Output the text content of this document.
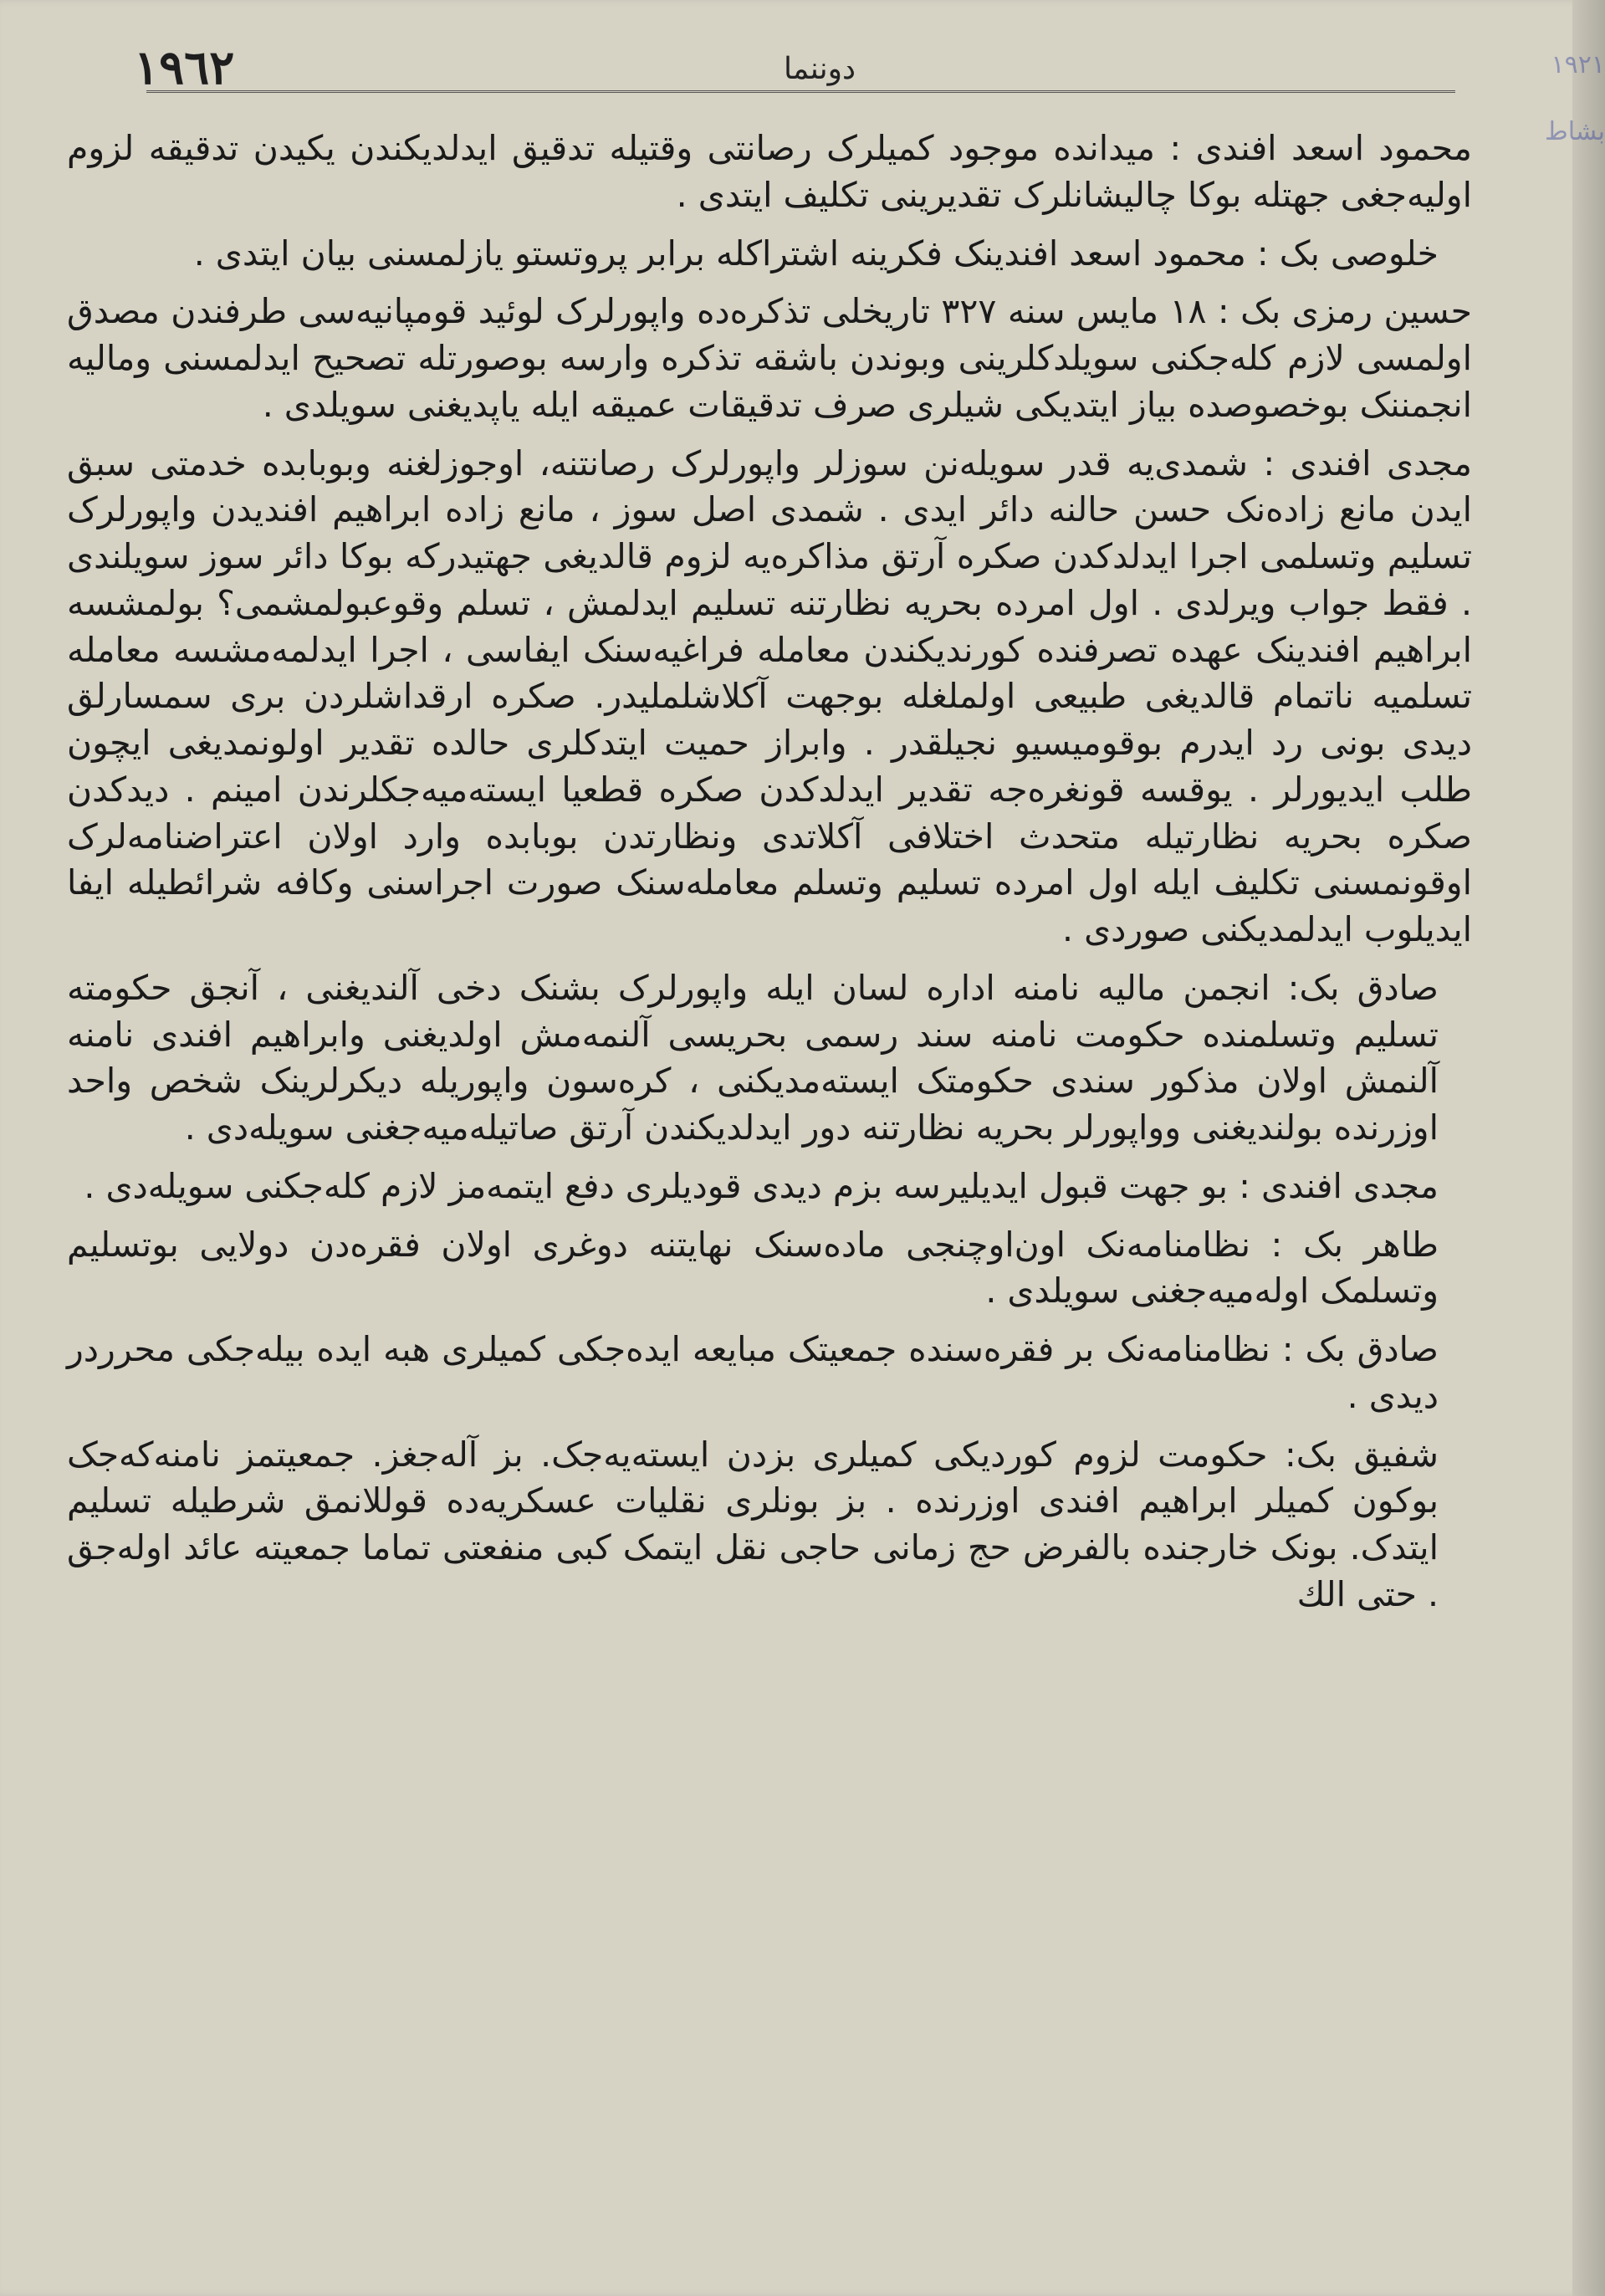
١٩٦٢	دوننما	۱۹۲۱
بشاط

محمود اسعد افندی : میدانده موجود کمیلرک رصانتی وقتیله تدقیق ایدلدیکندن یکیدن تدقیقه لزوم اولیه‌جغی جهتله بوکا چالیشانلرک تقدیرینی تکلیف ایتدی .

خلوصی بک : محمود اسعد افندینک فکرینه اشتراکله برابر پروتستو یازلمسنی بیان ایتدی .

حسین رمزی بک : ۱۸ مایس سنه ۳۲۷ تاریخلی تذکره‌ده واپورلرک لوئید قومپانیه‌سی طرفندن مصدق اولمسی لازم کله‌جکنی سویلدکلرینی وبوندن باشقه تذکره وارسه بوصورتله تصحیح ایدلمسنی ومالیه انجمننک بوخصوصده بیاز ایتدیکی شیلری صرف تدقیقات عمیقه ایله یاپدیغنی سویلدی .

مجدی افندی : شمدی‌یه قدر سویله‌نن سوزلر واپورلرک رصانتنه، اوجوزلغنه وبوبابده خدمتی سبق ایدن مانع زاده‌نک حسن حالنه دائر ایدی . شمدی اصل سوز ، مانع زاده ابراهیم افندیدن واپورلرک تسلیم وتسلمی اجرا ایدلدکدن صکره آرتق مذاکره‌یه لزوم قالدیغی جهتیدرکه بوکا دائر سوز سویلندی . فقط جواب ویرلدی . اول امرده بحریه نظارتنه تسلیم ایدلمش ، تسلم وقوعبولمشمی؟ بولمشسه ابراهیم افندینک عهده تصرفنده کورندیکندن معامله فراغیه‌سنک ایفاسی ، اجرا ایدلمه‌مشسه معامله تسلمیه ناتمام قالدیغی طبیعی اولملغله بوجهت آکلاشلملیدر. صکره ارقداشلردن بری سمسارلق دیدی بونی رد ایدرم بوقومیسیو نجیلقدر . وابراز حمیت ایتدکلری حالده تقدیر اولونمدیغی ایچون طلب ایدیورلر . یوقسه قونغره‌جه تقدیر ایدلدکدن صکره قطعیا ایسته‌میه‌جکلرندن امینم . دیدکدن صکره بحریه نظارتیله متحدث اختلافی آکلاتدی ونظارتدن بوبابده وارد اولان اعتراضنامه‌لرک اوقونمسنی تکلیف ایله اول امرده تسلیم وتسلم معامله‌سنک صورت اجراسنی وکافه شرائطیله ایفا ایدیلوب ایدلمدیکنی صوردی .

صادق بک: انجمن مالیه نامنه اداره لسان ایله واپورلرک بشنک دخی آلندیغنی ، آنجق حکومته تسلیم وتسلمنده حکومت نامنه سند رسمی بحریسی آلنمه‌مش اولدیغنی وابراهیم افندی نامنه آلنمش اولان مذکور سندی حکومتک ایسته‌مدیکنی ، کره‌سون واپوریله دیکرلرینک شخص واحد اوزرنده بولندیغنی وواپورلر بحریه نظارتنه دور ایدلدیکندن آرتق صاتیله‌میه‌جغنی سویله‌دی .

مجدی افندی : بو جهت قبول ایدیلیرسه بزم دیدی قودیلری دفع ایتمه‌مز لازم کله‌جکنی سویله‌دی .

طاهر بک : نظامنامه‌نک اون‌اوچنجی ماده‌سنک نهایتنه دوغری اولان فقره‌دن دولایی بوتسلیم وتسلمک اوله‌میه‌جغنی سویلدی .

صادق بک : نظامنامه‌نک بر فقره‌سنده جمعیتک مبایعه ایده‌جکی کمیلری هبه ایده بیله‌جکی محرردر دیدی .

شفیق بک: حکومت لزوم کوردیکی کمیلری بزدن ایسته‌یه‌جک. بز آله‌جغز. جمعیتمز نامنه‌که‌جک بوکون کمیلر ابراهیم افندی اوزرنده . بز بونلری نقلیات عسکریه‌ده قوللانمق شرطیله تسلیم ایتدک. بونک خارجنده بالفرض حج زمانی حاجی نقل ایتمک کبی منفعتی تماما جمعیته عائد اوله‌جق . حتی الك
